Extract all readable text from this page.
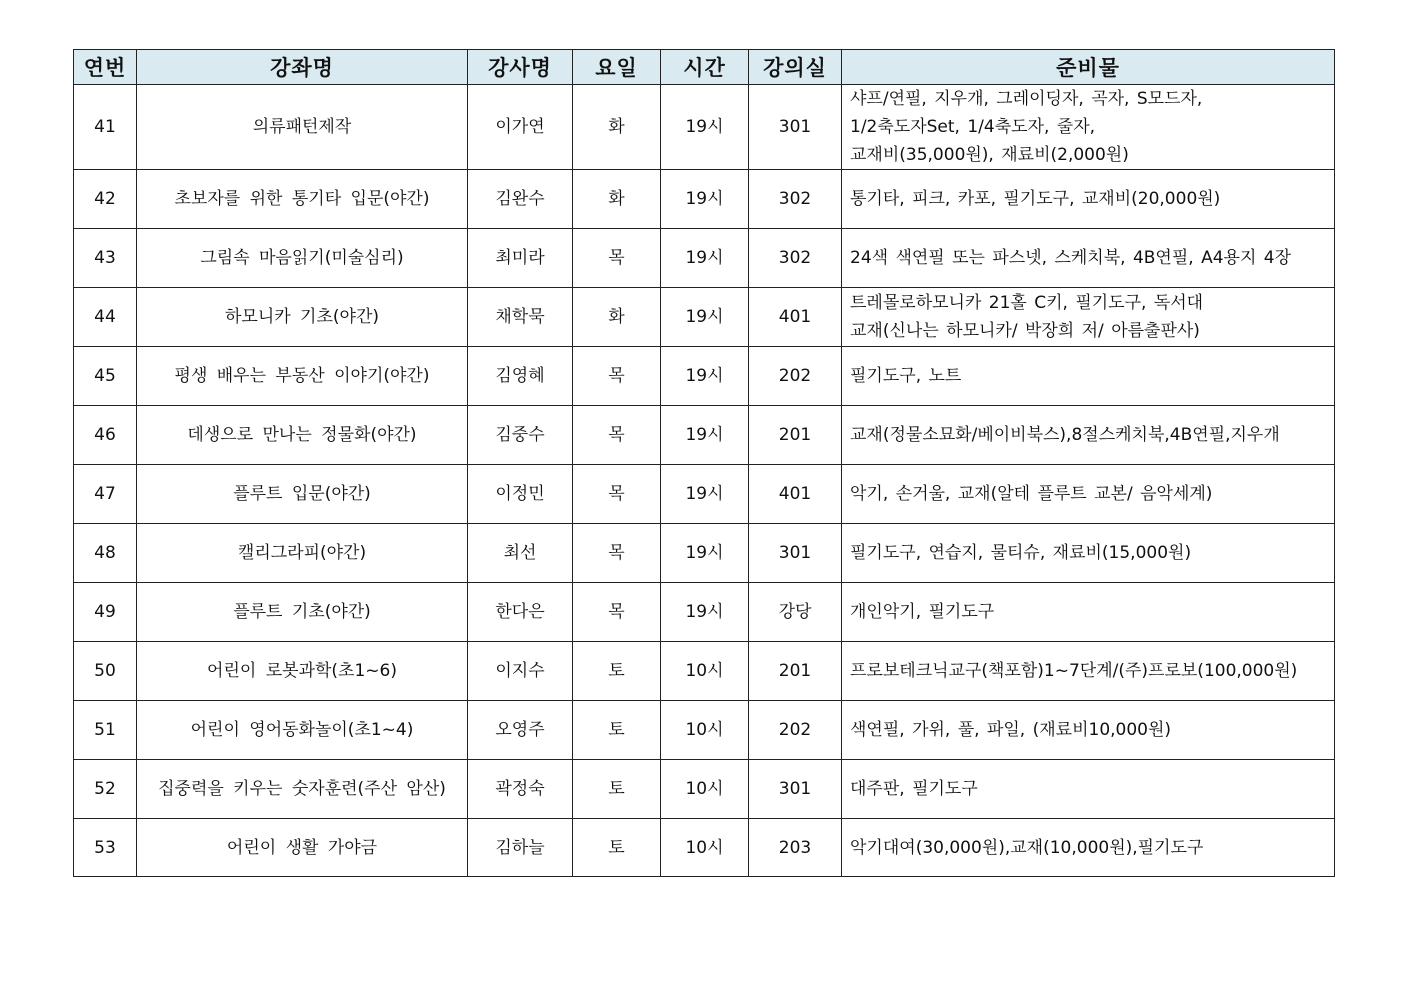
연번	강좌명	강사명	요일	시간	강의실	준비물
41	의류패턴제작	이가연	화	19시	301	샤프/연필, 지우개, 그레이딩자, 곡자, S모드자,
1/2축도자Set, 1/4축도자, 줄자,
교재비(35,000원), 재료비(2,000원)
42	초보자를 위한 통기타 입문(야간)	김완수	화	19시	302	통기타, 피크, 카포, 필기도구, 교재비(20,000원)
43	그림속 마음읽기(미술심리)	최미라	목	19시	302	24색 색연필 또는 파스넷, 스케치북, 4B연필, A4용지 4장
44	하모니카 기초(야간)	채학묵	화	19시	401	트레몰로하모니카 21홀 C키, 필기도구, 독서대
교재(신나는 하모니카/ 박장희 저/ 아름출판사)
45	평생 배우는 부동산 이야기(야간)	김영혜	목	19시	202	필기도구, 노트
46	데생으로 만나는 정물화(야간)	김중수	목	19시	201	교재(정물소묘화/베이비북스),8절스케치북,4B연필,지우개
47	플루트 입문(야간)	이정민	목	19시	401	악기, 손거울, 교재(알테 플루트 교본/ 음악세계)
48	캘리그라피(야간)	최선	목	19시	301	필기도구, 연습지, 물티슈, 재료비(15,000원)
49	플루트 기초(야간)	한다은	목	19시	강당	개인악기, 필기도구
50	어린이 로봇과학(초1~6)	이지수	토	10시	201	프로보테크닉교구(책포함)1~7단계/(주)프로보(100,000원)
51	어린이 영어동화놀이(초1~4)	오영주	토	10시	202	색연필, 가위, 풀, 파일, (재료비10,000원)
52	집중력을 키우는 숫자훈련(주산 암산)	곽정숙	토	10시	301	대주판, 필기도구
53	어린이 생활 가야금	김하늘	토	10시	203	악기대여(30,000원),교재(10,000원),필기도구
